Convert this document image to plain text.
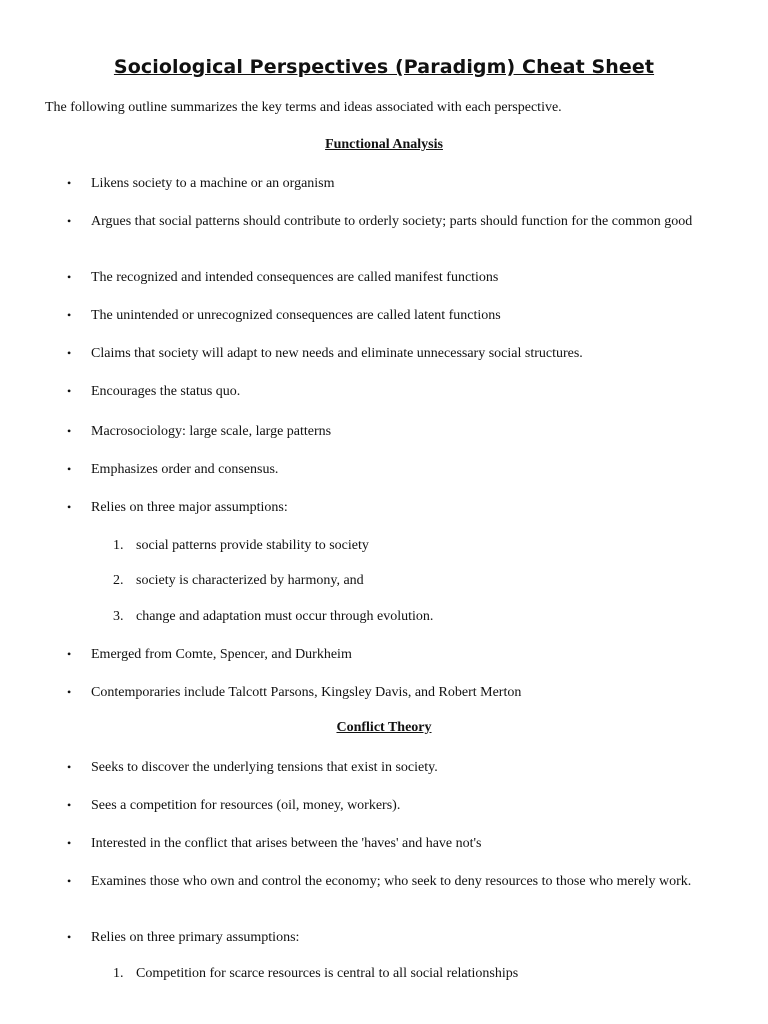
Sociological Perspectives (Paradigm) Cheat Sheet

The following outline summarizes the key terms and ideas associated with each perspective.

Functional Analysis
• Likens society to a machine or an organism
• Argues that social patterns should contribute to orderly society; parts should function for the common good
• The recognized and intended consequences are called manifest functions
• The unintended or unrecognized consequences are called latent functions
• Claims that society will adapt to new needs and eliminate unnecessary social structures.
• Encourages the status quo.
• Macrosociology: large scale, large patterns
• Emphasizes order and consensus.
• Relies on three major assumptions:
1. social patterns provide stability to society
2. society is characterized by harmony, and
3. change and adaptation must occur through evolution.
• Emerged from Comte, Spencer, and Durkheim
• Contemporaries include Talcott Parsons, Kingsley Davis, and Robert Merton
Conflict Theory
• Seeks to discover the underlying tensions that exist in society.
• Sees a competition for resources (oil, money, workers).
• Interested in the conflict that arises between the 'haves' and have not's
• Examines those who own and control the economy; who seek to deny resources to those who merely work.
• Relies on three primary assumptions:
1. Competition for scarce resources is central to all social relationships
